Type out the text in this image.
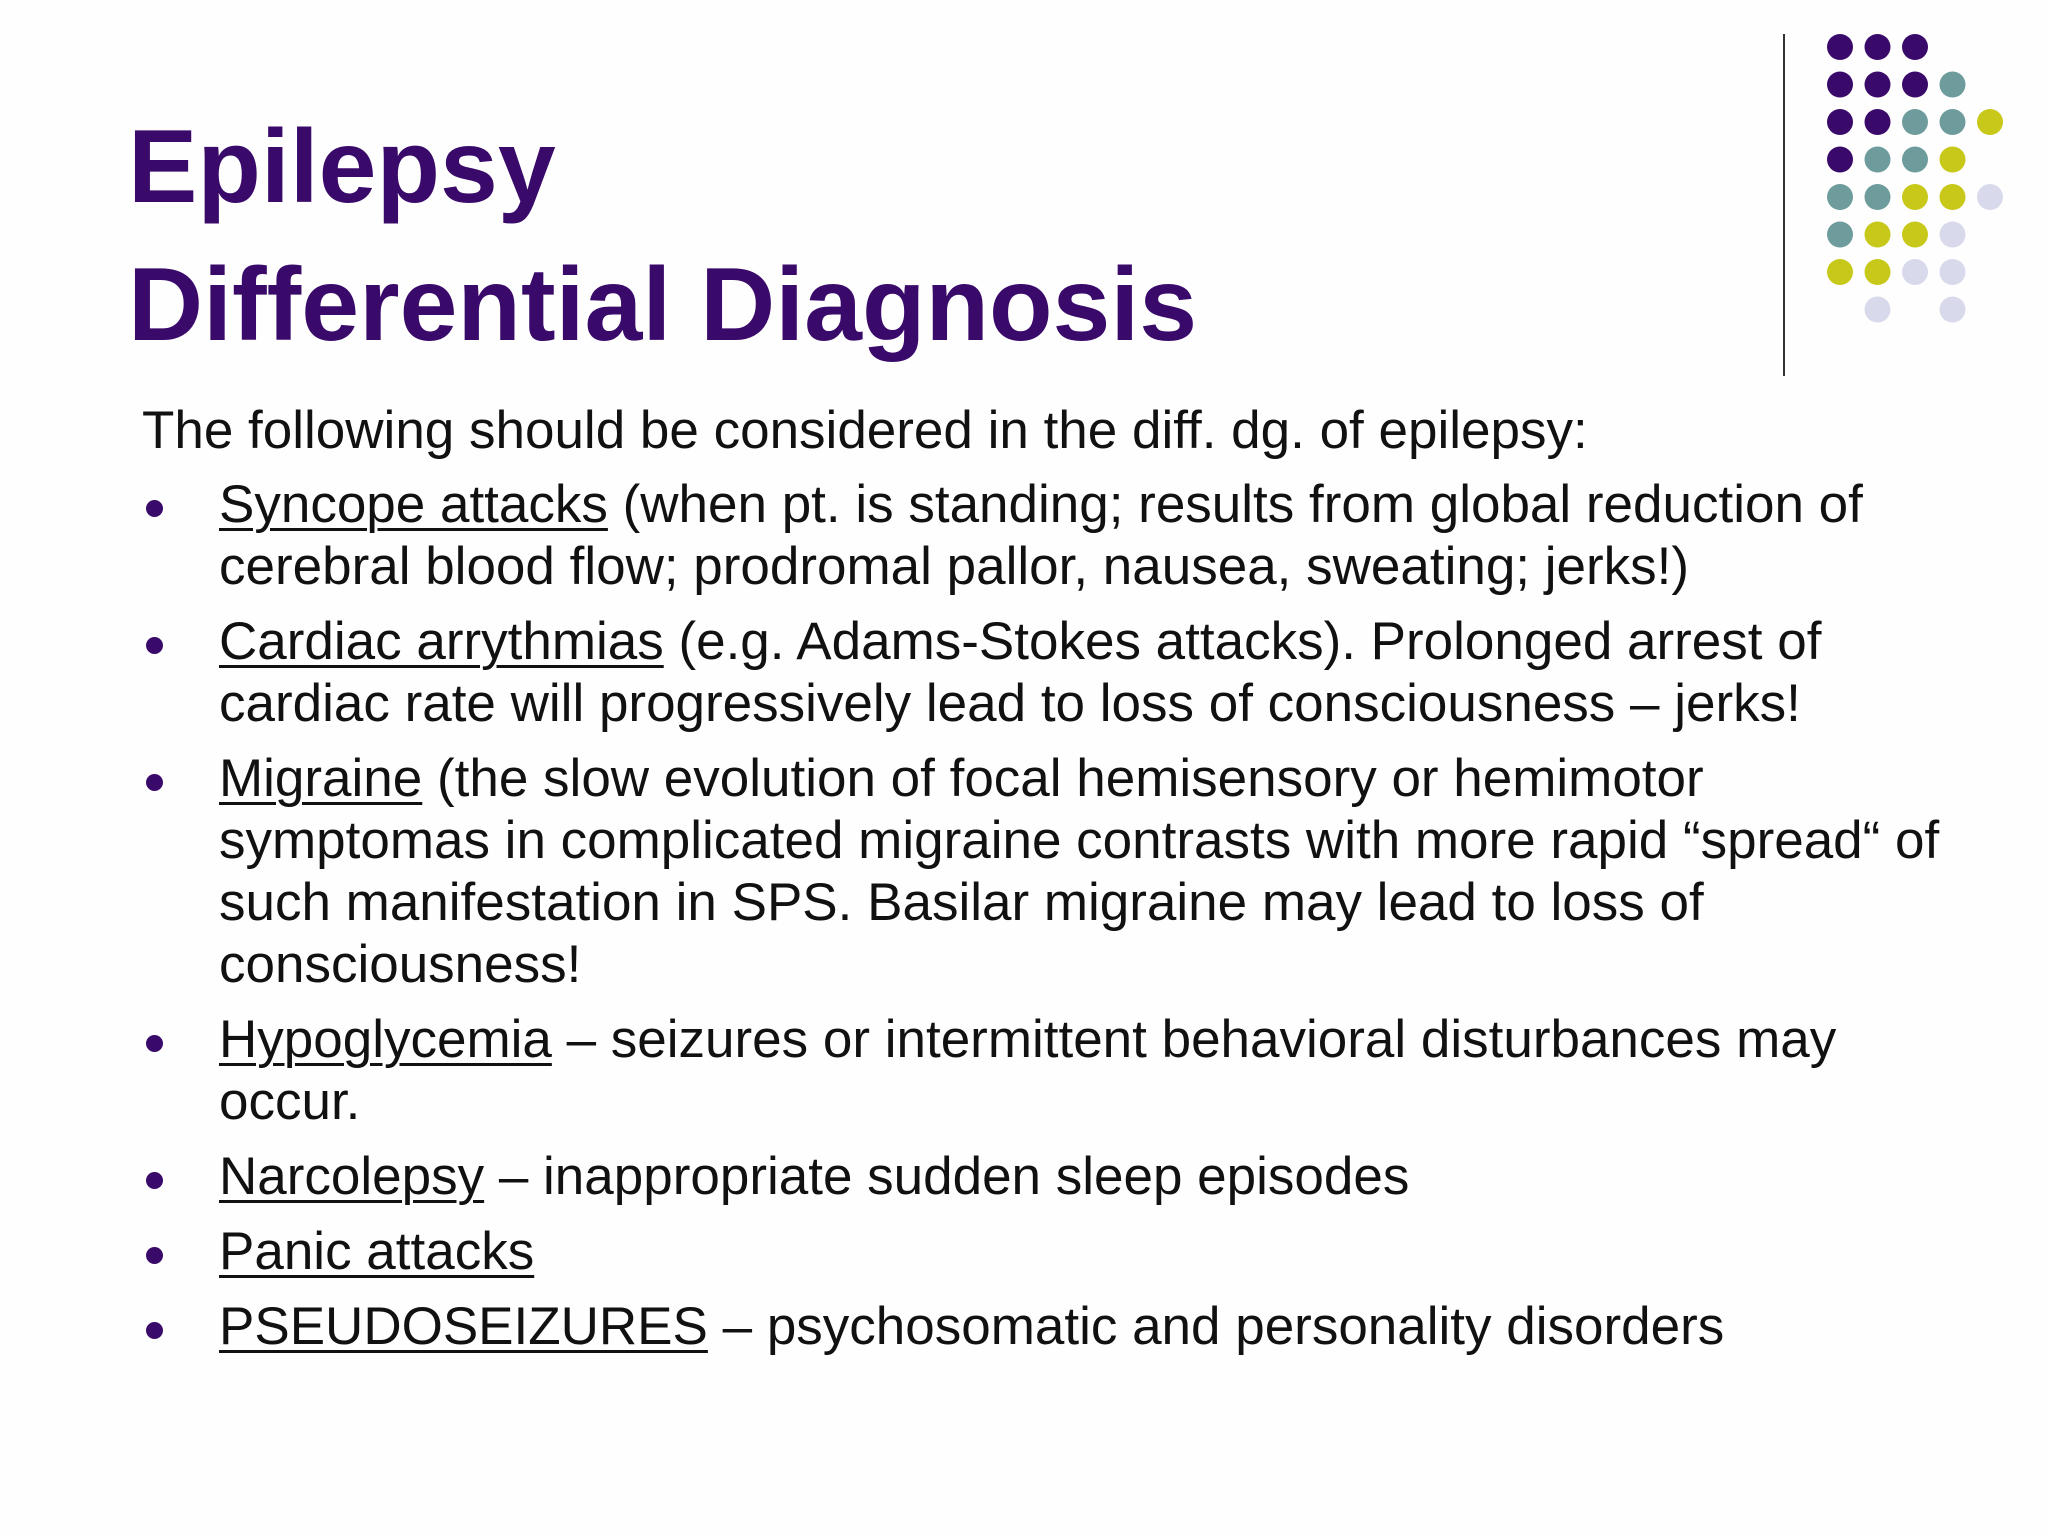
Epilepsy
Differential Diagnosis

The following should be considered in the diff. dg. of epilepsy:

Syncope attacks (when pt. is standing; results from global reduction of cerebral blood flow; prodromal pallor, nausea, sweating; jerks!)
Cardiac arrythmias (e.g. Adams-Stokes attacks). Prolonged arrest of cardiac rate will progressively lead to loss of consciousness – jerks!
Migraine (the slow evolution of focal hemisensory or hemimotor symptomas in complicated migraine contrasts with more rapid “spread“ of such manifestation in SPS. Basilar migraine may lead to loss of consciousness!
Hypoglycemia – seizures or intermittent behavioral disturbances may occur.
Narcolepsy – inappropriate sudden sleep episodes
Panic attacks
PSEUDOSEIZURES – psychosomatic and personality disorders
